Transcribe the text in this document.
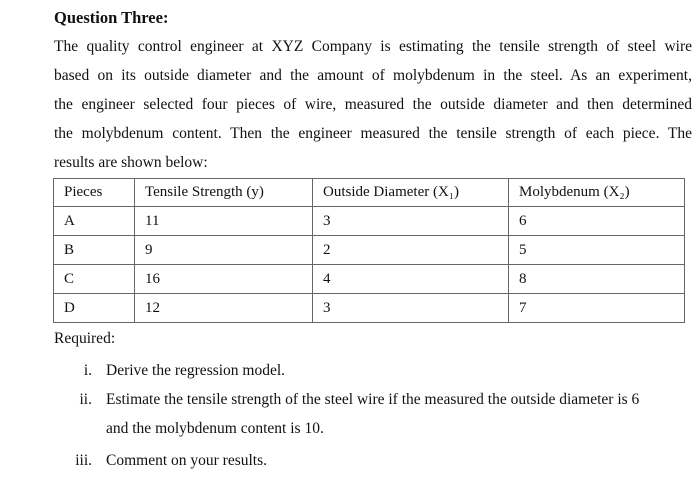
Question Three:
The quality control engineer at XYZ Company is estimating the tensile strength of steel wire
based on its outside diameter and the amount of molybdenum in the steel. As an experiment,
the engineer selected four pieces of wire, measured the outside diameter and then determined
the molybdenum content. Then the engineer measured the tensile strength of each piece. The
results are shown below:
Pieces	Tensile Strength (y)	Outside Diameter (X₁)	Molybdenum (X₂)
A	11	3	6
B	9	2	5
C	16	4	8
D	12	3	7
Required:
i. Derive the regression model.
ii. Estimate the tensile strength of the steel wire if the measured the outside diameter is 6
and the molybdenum content is 10.
iii. Comment on your results.
